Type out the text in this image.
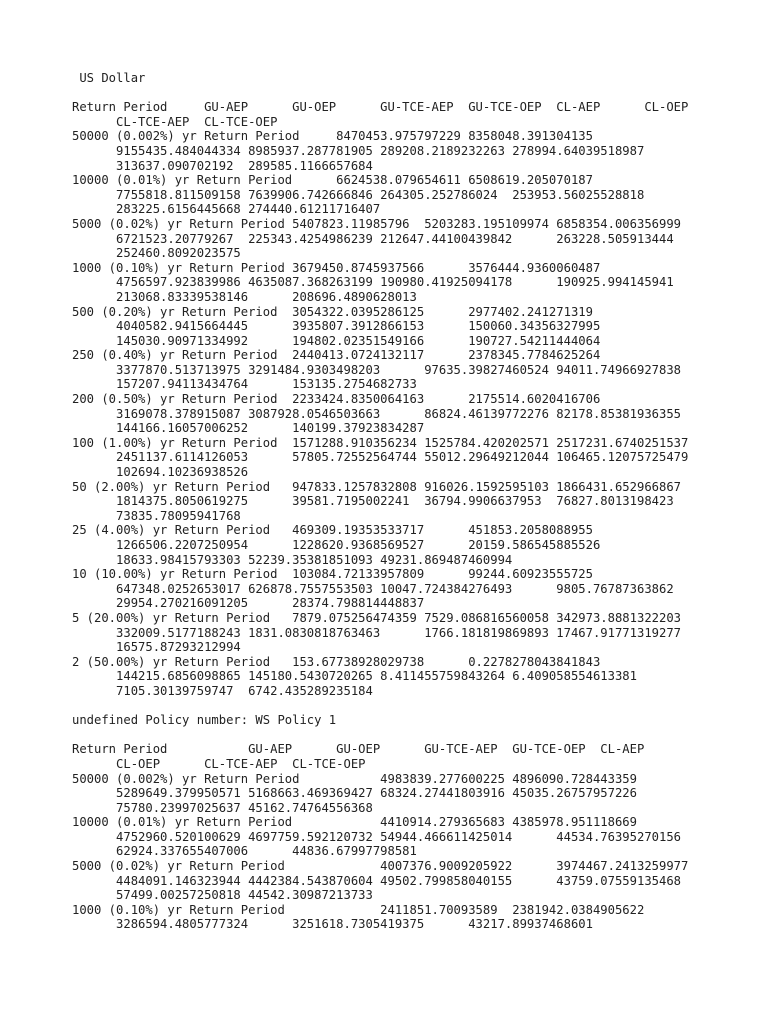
US Dollar
Return Period     GU-AEP      GU-OEP      GU-TCE-AEP  GU-TCE-OEP  CL-AEP      CL-OEP
CL-TCE-AEP  CL-TCE-OEP
50000 (0.002%) yr Return Period     8470453.975797229 8358048.391304135
9155435.484044334 8985937.287781905 289208.2189232263 278994.64039518987
313637.090702192  289585.1166657684
10000 (0.01%) yr Return Period      6624538.079654611 6508619.205070187
7755818.811509158 7639906.742666846 264305.252786024  253953.56025528818
283225.6156445668 274440.61211716407
5000 (0.02%) yr Return Period 5407823.11985796  5203283.195109974 6858354.006356999
6721523.20779267  225343.4254986239 212647.44100439842      263228.505913444
252460.8092023575
1000 (0.10%) yr Return Period 3679450.8745937566      3576444.9360060487
4756597.923839986 4635087.368263199 190980.41925094178      190925.994145941
213068.83339538146      208696.4890628013
500 (0.20%) yr Return Period  3054322.0395286125      2977402.241271319
4040582.9415664445      3935807.3912866153      150060.34356327995
145030.90971334992      194802.02351549166      190727.54211444064
250 (0.40%) yr Return Period  2440413.0724132117      2378345.7784625264
3377870.513713975 3291484.9303498203      97635.39827460524 94011.74966927838
157207.94113434764      153135.2754682733
200 (0.50%) yr Return Period  2233424.8350064163      2175514.6020416706
3169078.378915087 3087928.0546503663      86824.46139772276 82178.85381936355
144166.16057006252      140199.37923834287
100 (1.00%) yr Return Period  1571288.910356234 1525784.420202571 2517231.6740251537
2451137.6114126053      57805.72552564744 55012.29649212044 106465.12075725479
102694.10236938526
50 (2.00%) yr Return Period   947833.1257832808 916026.1592595103 1866431.652966867
1814375.8050619275      39581.7195002241  36794.9906637953  76827.8013198423
73835.78095941768
25 (4.00%) yr Return Period   469309.19353533717      451853.2058088955
1266506.2207250954      1228620.9368569527      20159.586545885526
18633.98415793303 52239.35381851093 49231.869487460994
10 (10.00%) yr Return Period  103084.72133957809      99244.60923555725
647348.0252653017 626878.7557553503 10047.724384276493      9805.76787363862
29954.270216091205      28374.798814448837
5 (20.00%) yr Return Period   7879.075256474359 7529.086816560058 342973.8881322203
332009.5177188243 1831.0830818763463      1766.181819869893 17467.91771319277
16575.87293212994
2 (50.00%) yr Return Period   153.67738928029738      0.2278278043841843
144215.6856098865 145180.5430720265 8.411455759843264 6.409058554613381
7105.30139759747  6742.435289235184
undefined Policy number: WS Policy 1
Return Period           GU-AEP      GU-OEP      GU-TCE-AEP  GU-TCE-OEP  CL-AEP
CL-OEP      CL-TCE-AEP  CL-TCE-OEP
50000 (0.002%) yr Return Period           4983839.277600225 4896090.728443359
5289649.379950571 5168663.469369427 68324.27441803916 45035.26757957226
75780.23997025637 45162.74764556368
10000 (0.01%) yr Return Period            4410914.279365683 4385978.951118669
4752960.520100629 4697759.592120732 54944.466611425014      44534.76395270156
62924.337655407006      44836.67997798581
5000 (0.02%) yr Return Period             4007376.9009205922      3974467.2413259977
4484091.146323944 4442384.543870604 49502.799858040155      43759.07559135468
57499.00257250818 44542.30987213733
1000 (0.10%) yr Return Period             2411851.70093589  2381942.0384905622
3286594.4805777324      3251618.7305419375      43217.89937468601
